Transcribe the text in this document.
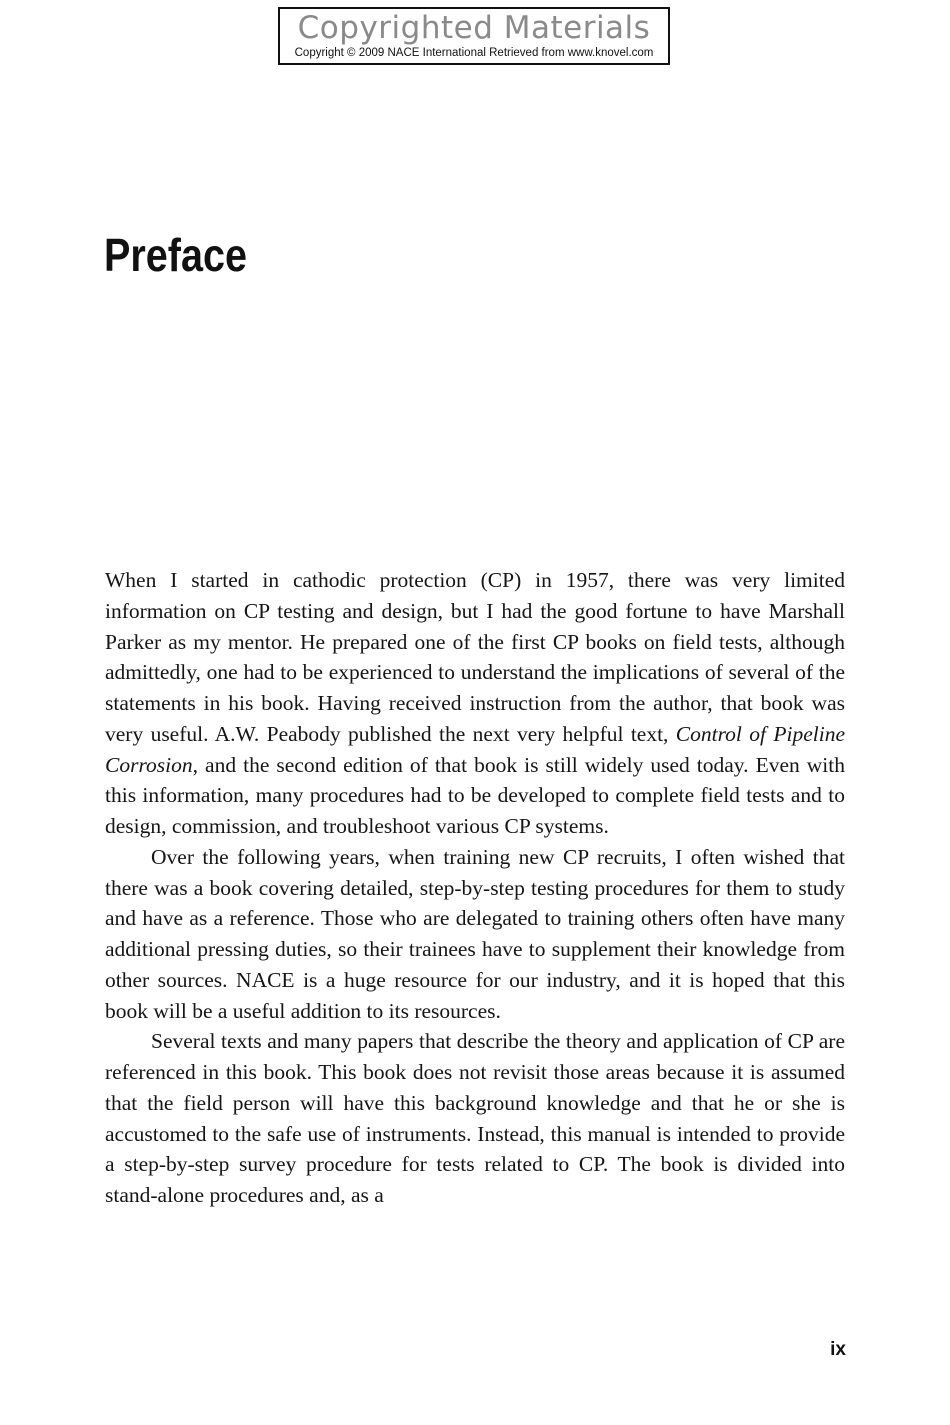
Copyrighted Materials
Copyright © 2009 NACE International Retrieved from www.knovel.com
Preface

When I started in cathodic protection (CP) in 1957, there was very limited information on CP testing and design, but I had the good fortune to have Marshall Parker as my mentor. He prepared one of the first CP books on field tests, although admittedly, one had to be experienced to understand the implications of several of the statements in his book. Having received instruction from the author, that book was very useful. A.W. Peabody published the next very helpful text, Control of Pipeline Corrosion, and the second edition of that book is still widely used today. Even with this information, many procedures had to be developed to complete field tests and to design, commission, and troubleshoot various CP systems.

Over the following years, when training new CP recruits, I often wished that there was a book covering detailed, step-by-step testing procedures for them to study and have as a reference. Those who are delegated to training others often have many additional pressing duties, so their trainees have to supplement their knowledge from other sources. NACE is a huge resource for our industry, and it is hoped that this book will be a useful addition to its resources.

Several texts and many papers that describe the theory and application of CP are referenced in this book. This book does not revisit those areas because it is assumed that the field person will have this background knowledge and that he or she is accustomed to the safe use of instruments. Instead, this manual is intended to provide a step-by-step survey procedure for tests related to CP. The book is divided into stand-alone procedures and, as a

ix
